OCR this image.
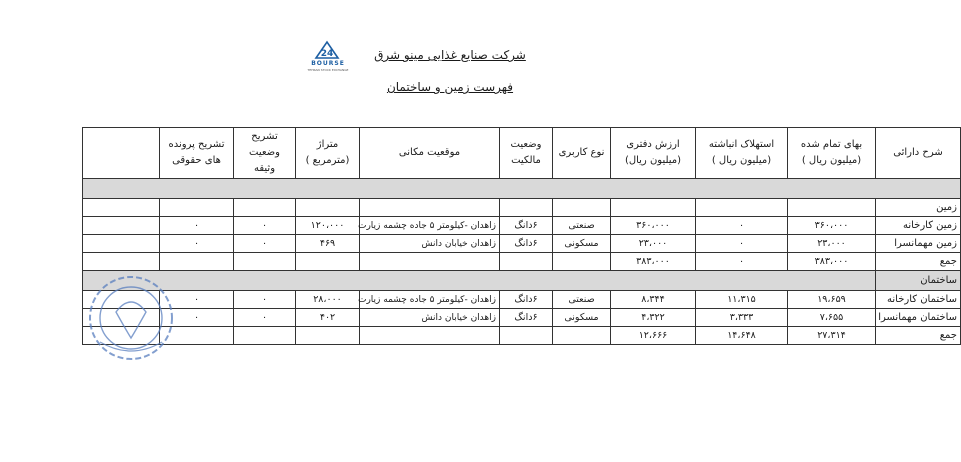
24
BOURSE
TEHRAN STOCK EXCHANGE
شرکت صنایع غذایی مینو شرق
فهرست زمین و ساختمان
شرح دارائی	بهای تمام شده (میلیون ریال )	استهلاک انباشته (میلیون ریال )	ارزش دفتری (میلیون ریال)	نوع کاربری	وضعیت مالکیت	موقعیت مکانی	متراژ (مترمربع )	تشریح وضعیت وثیقه	تشریح پرونده های حقوقی	

زمین										
زمین کارخانه	۳۶۰،۰۰۰	۰	۳۶۰،۰۰۰	صنعتی	۶دانگ	زاهدان -کیلومتر ۵ جاده چشمه زیارت	۱۲۰،۰۰۰	۰	۰	
زمین مهمانسرا	۲۳،۰۰۰	۰	۲۳،۰۰۰	مسکونی	۶دانگ	زاهدان خیابان دانش	۴۶۹	۰	۰	
جمع	۳۸۳،۰۰۰	۰	۳۸۳،۰۰۰							
ساختمان										
ساختمان کارخانه	۱۹،۶۵۹	۱۱،۳۱۵	۸،۳۴۴	صنعتی	۶دانگ	زاهدان -کیلومتر ۵ جاده چشمه زیارت	۲۸،۰۰۰	۰	۰	
ساختمان مهمانسرا	۷،۶۵۵	۳،۳۳۳	۴،۳۲۲	مسکونی	۶دانگ	زاهدان خیابان دانش	۴۰۲	۰	۰	
جمع	۲۷،۳۱۴	۱۴،۶۴۸	۱۲،۶۶۶							
